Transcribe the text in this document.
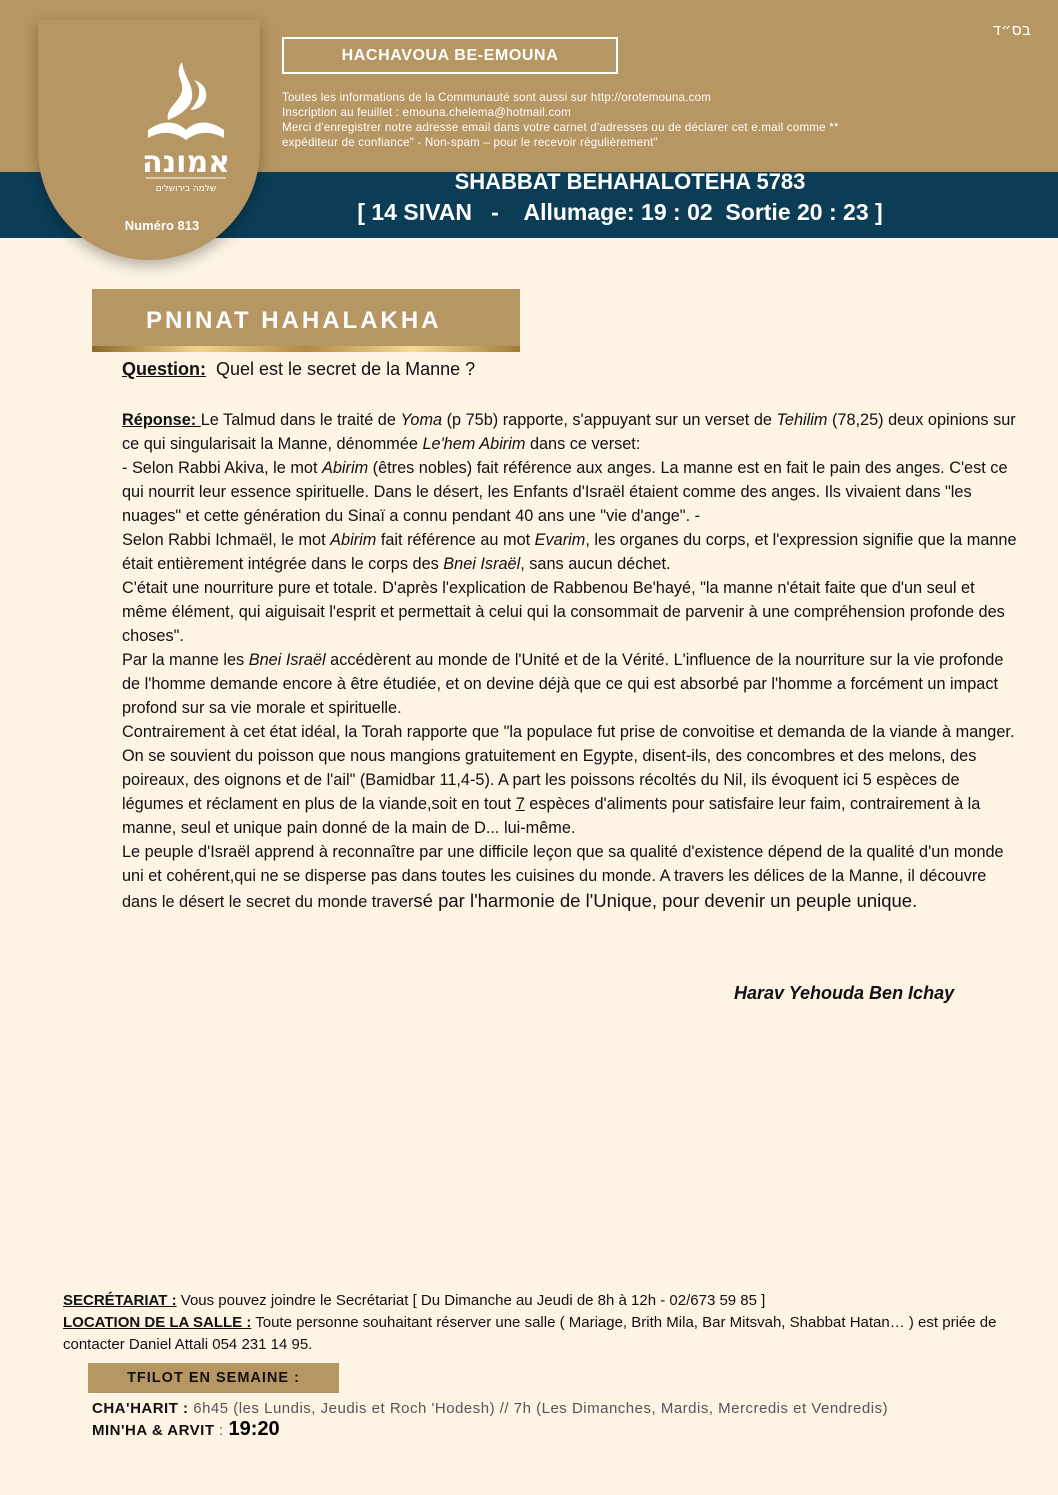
בס״ד
אמונה
שלמה בירושלים
Numéro 813
HACHAVOUA BE-EMOUNA
Toutes les informations de la Communauté sont aussi sur http://orotemouna.com
Inscription au feuillet : emouna.chelema@hotmail.com
Merci d'enregistrer notre adresse email dans votre carnet d'adresses ou de déclarer cet e.mail comme **
expéditeur de confiance" - Non-spam – pour le recevoir régulièrement"
SHABBAT BEHAHALOTEHA 5783
[ 14 SIVAN   -    Allumage: 19 : 02  Sortie 20 : 23 ]
PNINAT HAHALAKHA
Question:  Quel est le secret de la Manne ?

Réponse: Le Talmud dans le traité de Yoma (p 75b) rapporte, s'appuyant sur un verset de Tehilim (78,25) deux opinions sur ce qui singularisait la Manne, dénommée Le'hem Abirim dans ce verset:

- Selon Rabbi Akiva, le mot Abirim (êtres nobles) fait référence aux anges. La manne est en fait le pain des anges. C'est ce qui nourrit leur essence spirituelle. Dans le désert, les Enfants d'Israël étaient comme des anges. Ils vivaient dans "les nuages" et cette génération du Sinaï a connu pendant 40 ans une "vie d'ange". -

Selon Rabbi Ichmaël, le mot Abirim fait référence au mot Evarim, les organes du corps, et l'expression signifie que la manne était entièrement intégrée dans le corps des Bnei Israël, sans aucun déchet.

C'était une nourriture pure et totale. D'après l'explication de Rabbenou Be'hayé, "la manne n'était faite que d'un seul et même élément, qui aiguisait l'esprit et permettait à celui qui la consommait de parvenir à une compréhension profonde des choses".

Par la manne les Bnei Israël accédèrent au monde de l'Unité et de la Vérité. L'influence de la nourriture sur la vie profonde de l'homme demande encore à être étudiée, et on devine déjà que ce qui est absorbé par l'homme a forcément un impact profond sur sa vie morale et spirituelle.

Contrairement à cet état idéal, la Torah rapporte que "la populace fut prise de convoitise et demanda de la viande à manger. On se souvient du poisson que nous mangions gratuitement en Egypte, disent-ils, des concombres et des melons, des poireaux, des oignons et de l'ail" (Bamidbar 11,4-5). A part les poissons récoltés du Nil, ils évoquent ici 5 espèces de légumes et réclament en plus de la viande,soit en tout 7 espèces d'aliments pour satisfaire leur faim, contrairement à la manne, seul et unique pain donné de la main de D... lui-même.

Le peuple d'Israël apprend à reconnaître par une difficile leçon que sa qualité d'existence dépend de la qualité d'un monde uni et cohérent,qui ne se disperse pas dans toutes les cuisines du monde. A travers les délices de la Manne, il découvre dans le désert le secret du monde traversé par l'harmonie de l'Unique, pour devenir un peuple unique.

Harav Yehouda Ben Ichay

SECRÉTARIAT : Vous pouvez joindre le Secrétariat [ Du Dimanche au Jeudi de 8h à 12h - 02/673 59 85 ]

LOCATION DE LA SALLE : Toute personne souhaitant réserver une salle ( Mariage, Brith Mila, Bar Mitsvah, Shabbat Hatan… ) est priée de contacter Daniel Attali 054 231 14 95.

TFILOT EN SEMAINE :
CHA'HARIT : 6h45 (les Lundis, Jeudis et Roch 'Hodesh) // 7h (Les Dimanches, Mardis, Mercredis et Vendredis)
MIN'HA & ARVIT : 19:20
